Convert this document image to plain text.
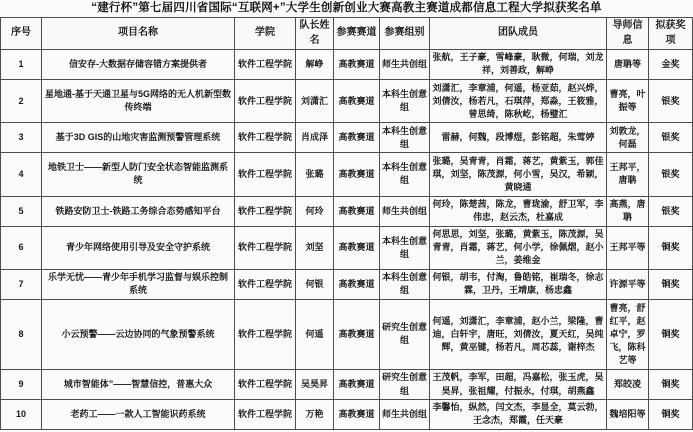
“建行杯”第七届四川省国际“互联网+”大学生创新创业大赛高教主赛道成都信息工程大学拟获奖名单
序号	项目名称	学院	队长姓名	参赛赛道	参赛组别	团队成员	导师信息	拟获奖项
1	信安存-大数据存储容错方案提供者	软件工程学院	解峥	高教赛道	师生共创组	张航，王子豪，雪峰豪，耿微，何瑞，刘龙祥，刘善政，解峥	唐聃等	金奖
2	星地通-基于天通卫星与5G网络的无人机新型数传终端	软件工程学院	刘潇汇	高教赛道	本科生创意组	刘潇汇，李章浦，何遥，杨亚茹，赵兴烨，刘倩汝，杨若凡，石琪萍，郑淼，王筱雅，曾思绮，陈秋屹，杨璧汇	曹亮，叶振等	银奖
3	基于3D GIS的山地灾害监测预警管理系统	软件工程学院	肖成泽	高教赛道	本科生创意组	雷赫，何魏，段博煜，彭铭超，朱莺婷	刘敦龙，何磊	银奖
4	地铁卫士——新型人防门安全状态智能监测系统	软件工程学院	张璐	高教赛道	本科生创意组	张璐，吴青青，肖霜，蒋艺，黄紫玉，郭佳琪，刘坚，陈茂源，何小雪，吴汉，希颖，黄晓通	王邦平，唐聃	银奖
5	铁路安防卫士-铁路工务综合态势感知平台	软件工程学院	何玲	高教赛道	师生共创组	何玲，陈楚茜，陈龙，曹珑渝，舒卫军，李伟忠，赵云杰，杜嘉成	高燕，唐聃	银奖
6	青少年网络使用引导及安全守护系统	软件工程学院	刘坚	高教赛道	本科生创意组	何思思，刘坚，张璐，黄紫玉，陈茂源，吴青青，肖霜，蒋艺，何小学，徐佩熠，赵小兰，姜维金	王邦平等	铜奖
7	乐学无忧——青少年手机学习监督与娱乐控制系统	软件工程学院	何银	高教赛道	本科生创意组	何银，胡韦，付淘，鲁皓铭，崔瑞冬，徐志霖，卫丹，王靖康，杨忠鑫	许源平等	铜奖
8	小云预警——云边协同的气象预警系统	软件工程学院	何遥	高教赛道	研究生创意组	何遥，刘潇汇，李章浦，赵小兰，梁隆，曹迪，白轩宇，唐旺，刘倩汝，夏天红，吴纯辉，黄巫键，杨若凡，周芯蕊，谢梓杰	曹亮，舒红平，赵卓宁，罗飞，陈科艺等	铜奖
9	城市智能体”——智慧信控，普惠大众	软件工程学院	吴昊昇	高教赛道	研究生创意组	王茂帆，李军，田超，冯嘉松，张玉虎，吴昊昇，张祖耀，付振永，付琪，胡燕鑫	郑皎凌	铜奖
10	老药工——一款人工智能识药系统	软件工程学院	万艳	高教赛道	师生共创组	李馨怡，纵然，闫文杰，李显全，莫云勃，王念杰，郑霞，任天豪	魏培阳等	铜奖
